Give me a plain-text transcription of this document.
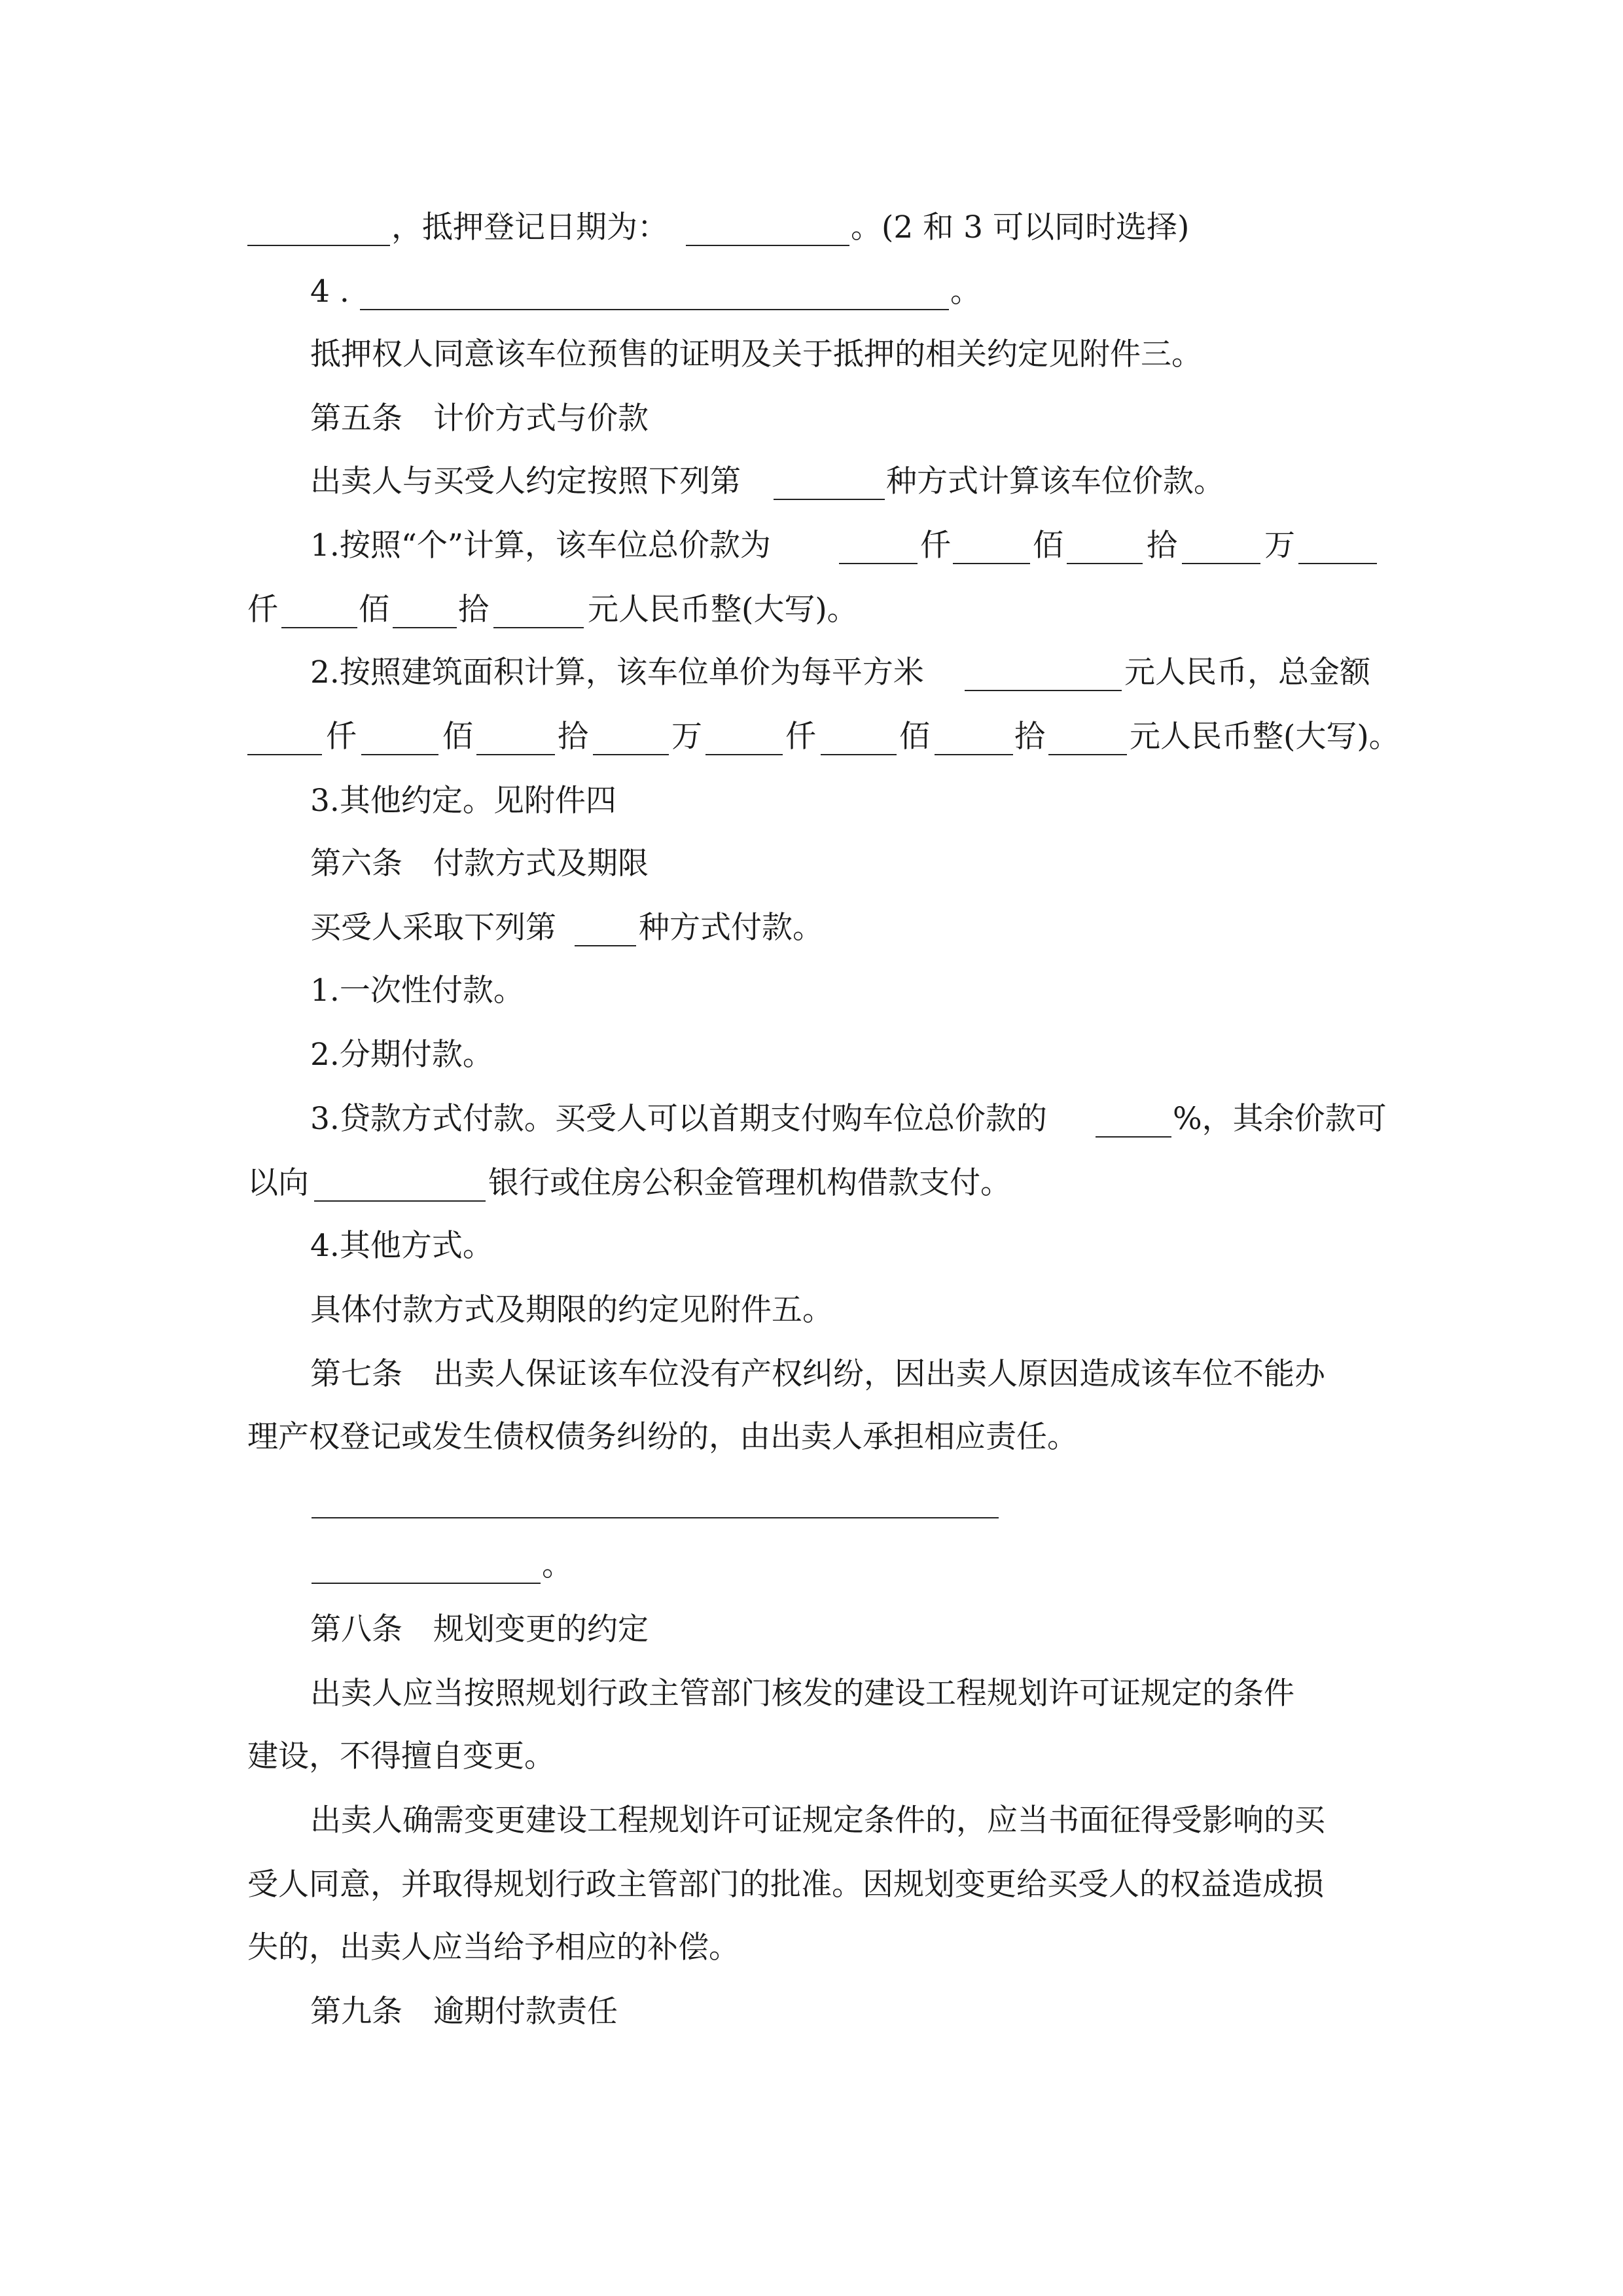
，抵押登记日期为：	。(2 和 3 可以同时选择)
4 .	。
抵押权人同意该车位预售的证明及关于抵押的相关约定见附件三。
第五条　计价方式与价款
出卖人与买受人约定按照下列第	种方式计算该车位价款。
1.按照“个”计算，该车位总价款为	仟	佰	拾	万
仟	佰 拾	元人民币整(大写)。
2.按照建筑面积计算，该车位单价为每平方米	元人民币，总金额
仟	佰	拾	万	仟	佰	拾	元人民币整(大写)。
3.其他约定。见附件四
第六条　付款方式及期限
买受人采取下列第	种方式付款。
1.一次性付款。
2.分期付款。
3.贷款方式付款。买受人可以首期支付购车位总价款的	%，其余价款可
以向	银行或住房公积金管理机构借款支付。
4.其他方式。
具体付款方式及期限的约定见附件五。
第七条　出卖人保证该车位没有产权纠纷，因出卖人原因造成该车位不能办
理产权登记或发生债权债务纠纷的，由出卖人承担相应责任。
。
第八条　规划变更的约定
出卖人应当按照规划行政主管部门核发的建设工程规划许可证规定的条件
建设，不得擅自变更。
出卖人确需变更建设工程规划许可证规定条件的，应当书面征得受影响的买
受人同意，并取得规划行政主管部门的批准。因规划变更给买受人的权益造成损
失的，出卖人应当给予相应的补偿。
第九条　逾期付款责任
